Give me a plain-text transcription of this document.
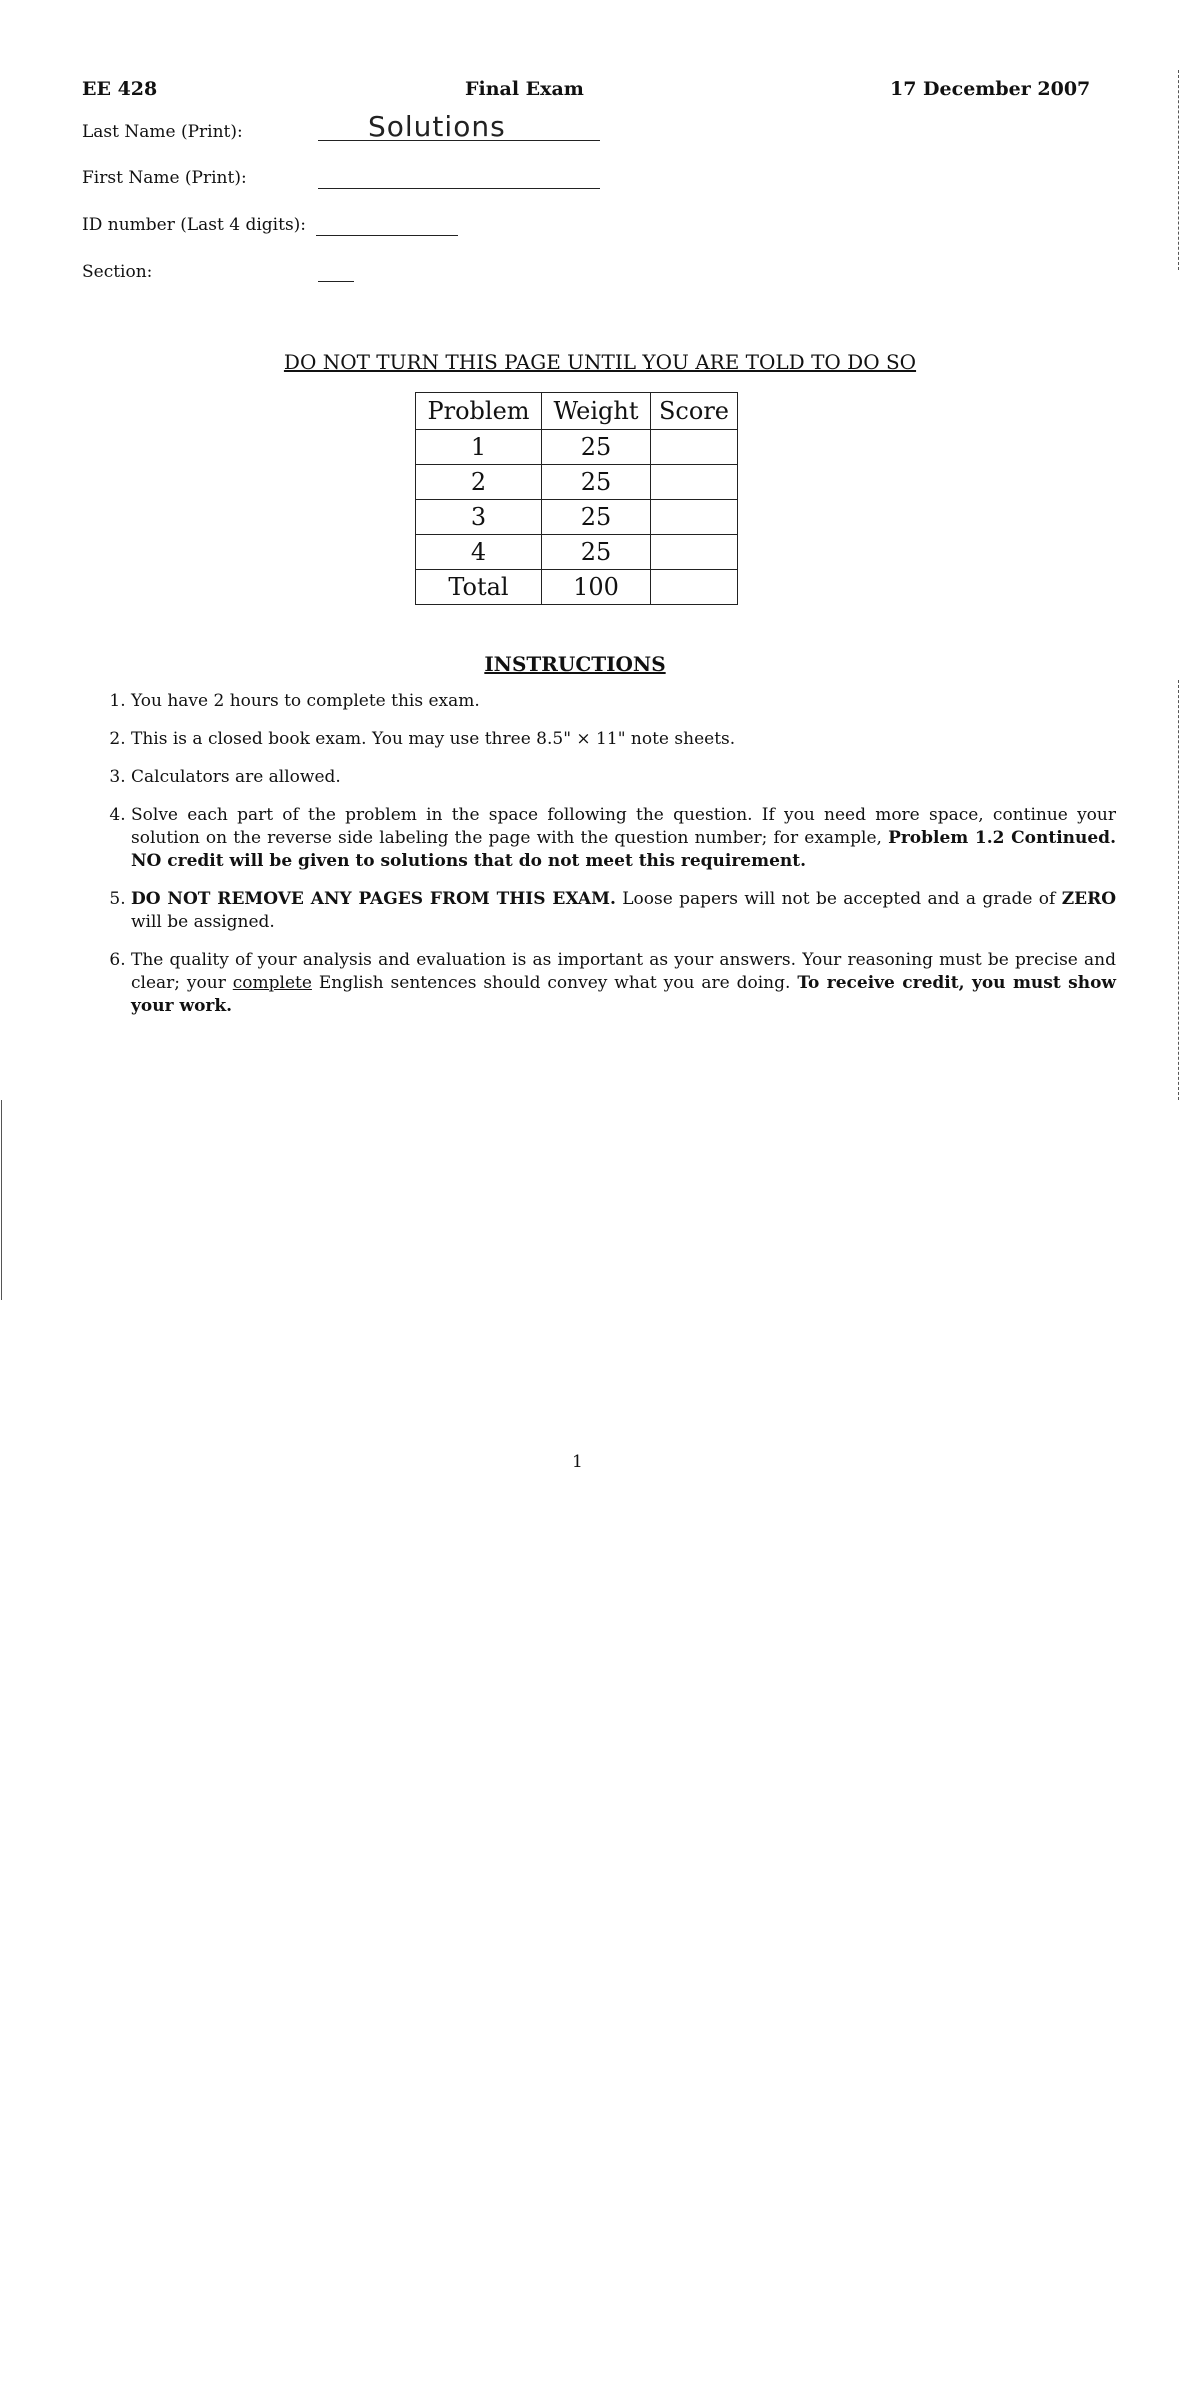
EE 428	Final Exam	17 December 2007
Last Name (Print):	Solutions
First Name (Print):
ID number (Last 4 digits):
Section:
DO NOT TURN THIS PAGE UNTIL YOU ARE TOLD TO DO SO
Problem	Weight	Score
1	25	
2	25	
3	25	
4	25	
Total	100	
INSTRUCTIONS
1. You have 2 hours to complete this exam.
2. This is a closed book exam. You may use three 8.5" × 11" note sheets.
3. Calculators are allowed.
4. Solve each part of the problem in the space following the question. If you need more space, continue your solution on the reverse side labeling the page with the question number; for example, Problem 1.2 Continued. NO credit will be given to solutions that do not meet this requirement.
5. DO NOT REMOVE ANY PAGES FROM THIS EXAM. Loose papers will not be accepted and a grade of ZERO will be assigned.
6. The quality of your analysis and evaluation is as important as your answers. Your reasoning must be precise and clear; your complete English sentences should convey what you are doing. To receive credit, you must show your work.
1
